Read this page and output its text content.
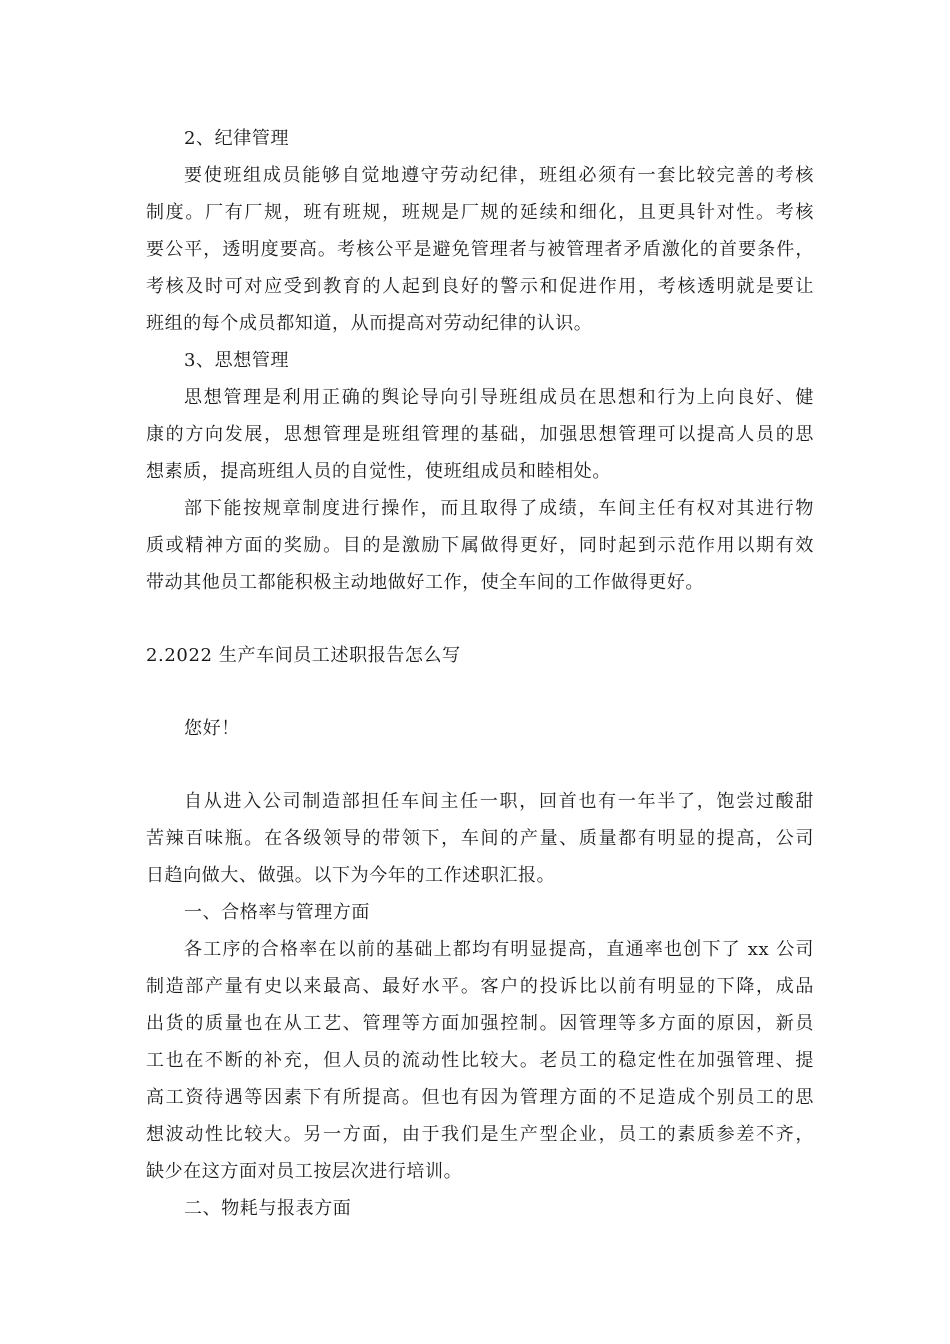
2、纪律管理
要使班组成员能够自觉地遵守劳动纪律，班组必须有一套比较完善的考核
制度。厂有厂规，班有班规，班规是厂规的延续和细化，且更具针对性。考核
要公平，透明度要高。考核公平是避免管理者与被管理者矛盾激化的首要条件，
考核及时可对应受到教育的人起到良好的警示和促进作用，考核透明就是要让
班组的每个成员都知道，从而提高对劳动纪律的认识。
3、思想管理
思想管理是利用正确的舆论导向引导班组成员在思想和行为上向良好、健
康的方向发展，思想管理是班组管理的基础，加强思想管理可以提高人员的思
想素质，提高班组人员的自觉性，使班组成员和睦相处。
部下能按规章制度进行操作，而且取得了成绩，车间主任有权对其进行物
质或精神方面的奖励。目的是激励下属做得更好，同时起到示范作用以期有效
带动其他员工都能积极主动地做好工作，使全车间的工作做得更好。
2.2022 生产车间员工述职报告怎么写
您好！
自从进入公司制造部担任车间主任一职，回首也有一年半了，饱尝过酸甜
苦辣百味瓶。在各级领导的带领下，车间的产量、质量都有明显的提高，公司
日趋向做大、做强。以下为今年的工作述职汇报。
一、合格率与管理方面
各工序的合格率在以前的基础上都均有明显提高，直通率也创下了 xx 公司
制造部产量有史以来最高、最好水平。客户的投诉比以前有明显的下降，成品
出货的质量也在从工艺、管理等方面加强控制。因管理等多方面的原因，新员
工也在不断的补充，但人员的流动性比较大。老员工的稳定性在加强管理、提
高工资待遇等因素下有所提高。但也有因为管理方面的不足造成个别员工的思
想波动性比较大。另一方面，由于我们是生产型企业，员工的素质参差不齐，
缺少在这方面对员工按层次进行培训。
二、物耗与报表方面
